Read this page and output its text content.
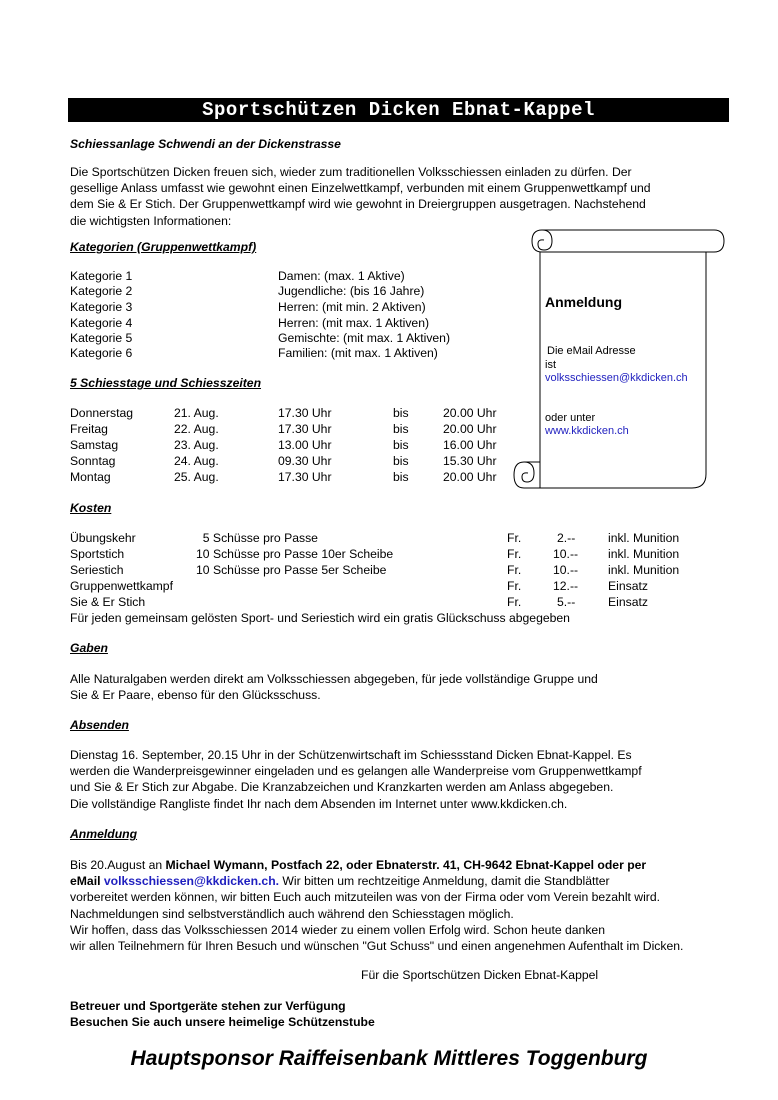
Sportschützen Dicken Ebnat-Kappel
Schiessanlage Schwendi an der Dickenstrasse

Die Sportschützen Dicken freuen sich, wieder zum traditionellen Volksschiessen einladen zu dürfen. Der

gesellige Anlass umfasst wie gewohnt einen Einzelwettkampf, verbunden mit einem Gruppenwettkampf und

dem Sie & Er Stich. Der Gruppenwettkampf wird wie gewohnt in Dreiergruppen ausgetragen. Nachstehend

die wichtigsten Informationen:

Kategorien (Gruppenwettkampf)
Kategorie 1	Damen: (max. 1 Aktive)
Kategorie 2	Jugendliche: (bis 16 Jahre)
Kategorie 3	Herren: (mit min. 2 Aktiven)
Kategorie 4	Herren: (mit max. 1 Aktiven)
Kategorie 5	Gemischte: (mit max. 1 Aktiven)
Kategorie 6	Familien: (mit max. 1 Aktiven)
5 Schiesstage und Schiesszeiten
Donnerstag	21. Aug.	17.30 Uhr	bis	20.00 Uhr
Freitag	22. Aug.	17.30 Uhr	bis	20.00 Uhr
Samstag	23. Aug.	13.00 Uhr	bis	16.00 Uhr
Sonntag	24. Aug.	09.30 Uhr	bis	15.30 Uhr
Montag	25. Aug.	17.30 Uhr	bis	20.00 Uhr
Anmeldung
Die eMail Adresse
ist
volksschiessen@kkdicken.ch
oder unter
www.kkdicken.ch
Kosten
Übungskehr	5 Schüsse pro Passe	Fr.	2.--	inkl. Munition
Sportstich	10 Schüsse pro Passe 10er Scheibe	Fr.	10.-- inkl. Munition
Seriestich	10 Schüsse pro Passe 5er Scheibe	Fr.	10.-- inkl. Munition
Gruppenwettkampf	Fr.	12.-- Einsatz
Sie & Er Stich	Fr.	5.--	Einsatz
Für jeden gemeinsam gelösten Sport- und Seriestich wird ein gratis Glückschuss abgegeben
Gaben

Alle Naturalgaben werden direkt am Volksschiessen abgegeben, für jede vollständige Gruppe und

Sie & Er Paare, ebenso für den Glücksschuss.

Absenden

Dienstag 16. September, 20.15 Uhr in der Schützenwirtschaft im Schiessstand Dicken Ebnat-Kappel. Es

werden die Wanderpreisgewinner eingeladen und es gelangen alle Wanderpreise vom Gruppenwettkampf

und Sie & Er Stich zur Abgabe. Die Kranzabzeichen und Kranzkarten werden am Anlass abgegeben.

Die vollständige Rangliste findet Ihr nach dem Absenden im Internet unter www.kkdicken.ch.

Anmeldung

Bis 20.August an Michael Wymann, Postfach 22, oder Ebnaterstr. 41, CH-9642 Ebnat-Kappel oder per

eMail volksschiessen@kkdicken.ch. Wir bitten um rechtzeitige Anmeldung, damit die Standblätter

vorbereitet werden können, wir bitten Euch auch mitzuteilen was von der Firma oder vom Verein bezahlt wird.

Nachmeldungen sind selbstverständlich auch während den Schiesstagen möglich.

Wir hoffen, dass das Volksschiessen 2014 wieder zu einem vollen Erfolg wird. Schon heute danken

wir allen Teilnehmern für Ihren Besuch und wünschen "Gut Schuss" und einen angenehmen Aufenthalt im Dicken.

Für die Sportschützen Dicken Ebnat-Kappel
Betreuer und Sportgeräte stehen zur Verfügung
Besuchen Sie auch unsere heimelige Schützenstube
Hauptsponsor Raiffeisenbank Mittleres Toggenburg
